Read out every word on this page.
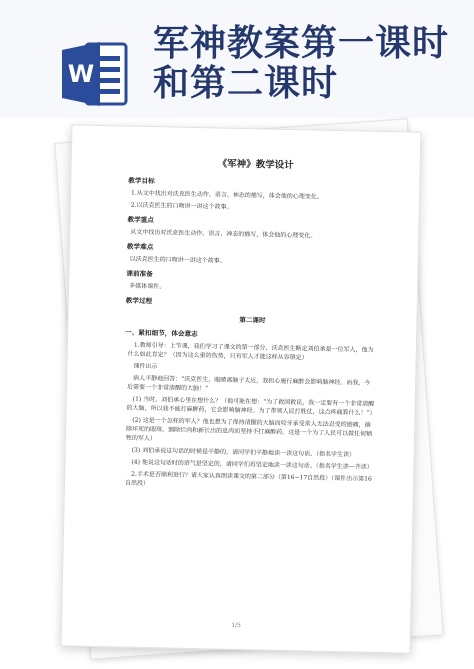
W
军神教案第一课时
和第二课时
《军神》教学设计
教学目标
1.从文中找出对沃克医生动作、语言、神态的描写，体会他的心理变化。
2.以沃克医生的口吻讲一讲这个故事。
教学重点
从文中找出对沃克医生动作、语言、神态的描写，体会他的心理变化。
教学难点
以沃克医生的口吻讲一讲这个故事。
课前准备
多媒体课件。
教学过程
第二课时
一、紧扣细节，体会意志
1.教师引导：上节课，我们学习了课文的第一部分，沃克医生断定刘伯承是一位军人，他为什么如此肯定？（因为这么重的伤势，只有军人才能这样从容镇定）
课件出示
病人平静地回答：“沃克医生，眼睛离脑子太近，我担心施行麻醉会影响脑神经。而我，今后需要一个非常清醒的大脑！”
(1) 当时，刘伯承心里在想什么？（他可能在想：“为了救国救民，我一定要有一个非常清醒的大脑，所以我不能打麻醉药，它会影响脑神经。为了带领人民打胜仗，这点疼痛算什么！”）
(2) 这是一个怎样的军人？他也想为了保持清醒的大脑而咬牙承受常人无法忍受的剧痛，摘除坏死的眼珠，割除烂肉和新长出的息肉而坚持不打麻醉药。这是一个为了人民可以做任何牺牲的军人）
(3) 刘伯承说这句话的时候是平静的，请同学们平静地读一读这句话。（指名学生读）
(4) 他说这句话时的语气是坚定的，请同学们再坚定地读一读这句话。（指名学生读—齐读）
2.手术是否顺利进行？请大家认真朗读课文的第二部分（第16~17自然段）（课件出示第16自然段）
1/5
